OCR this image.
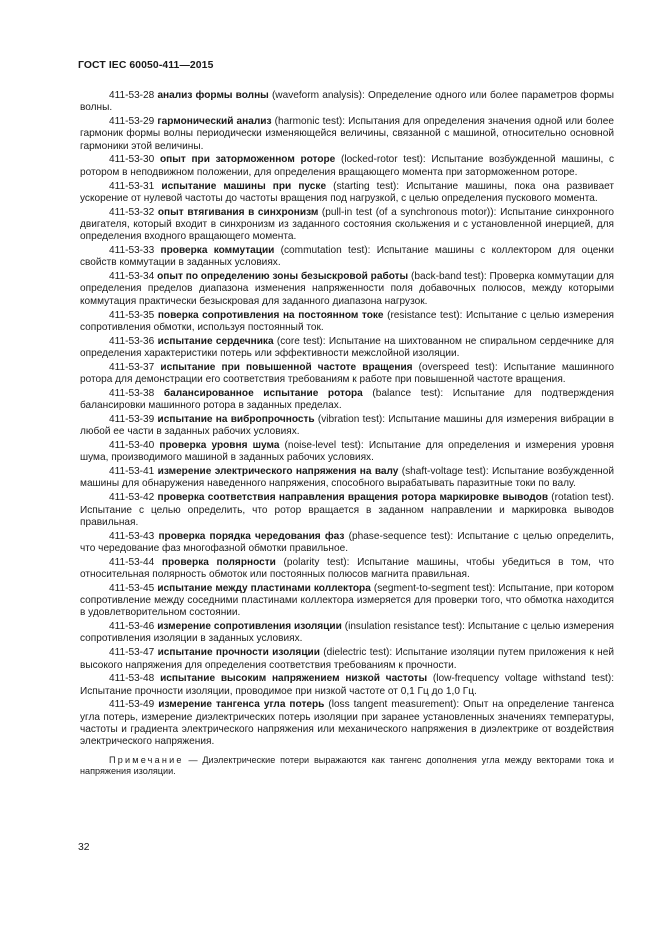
ГОСТ IEC 60050-411—2015

411-53-28 анализ формы волны (waveform analysis): Определение одного или более параметров формы волны.

411-53-29 гармонический анализ (harmonic test): Испытания для определения значения одной или более гармоник формы волны периодически изменяющейся величины, связанной с машиной, относительно основной гармоники этой величины.

411-53-30 опыт при заторможенном роторе (locked-rotor test): Испытание возбужденной машины, с ротором в неподвижном положении, для определения вращающего момента при заторможенном роторе.

411-53-31 испытание машины при пуске (starting test): Испытание машины, пока она развивает ускорение от нулевой частоты до частоты вращения под нагрузкой, с целью определения пускового момента.

411-53-32 опыт втягивания в синхронизм (pull-in test (of a synchronous motor)): Испытание синхронного двигателя, который входит в синхронизм из заданного состояния скольжения и с установленной инерцией, для определения входного вращающего момента.

411-53-33 проверка коммутации (commutation test): Испытание машины с коллектором для оценки свойств коммутации в заданных условиях.

411-53-34 опыт по определению зоны безыскровой работы (back-band test): Проверка коммутации для определения пределов диапазона изменения напряженности поля добавочных полюсов, между которыми коммутация практически безыскровая для заданного диапазона нагрузок.

411-53-35 поверка сопротивления на постоянном токе (resistance test): Испытание с целью измерения сопротивления обмотки, используя постоянный ток.

411-53-36 испытание сердечника (core test): Испытание на шихтованном не спиральном сердечнике для определения характеристики потерь или эффективности межслойной изоляции.

411-53-37 испытание при повышенной частоте вращения (overspeed test): Испытание машинного ротора для демонстрации его соответствия требованиям к работе при повышенной частоте вращения.

411-53-38 балансированное испытание ротора (balance test): Испытание для подтверждения балансировки машинного ротора в заданных пределах.

411-53-39 испытание на вибропрочность (vibration test): Испытание машины для измерения вибрации в любой ее части в заданных рабочих условиях.

411-53-40 проверка уровня шума (noise-level test): Испытание для определения и измерения уровня шума, производимого машиной в заданных рабочих условиях.

411-53-41 измерение электрического напряжения на валу (shaft-voltage test): Испытание возбужденной машины для обнаружения наведенного напряжения, способного вырабатывать паразитные токи по валу.

411-53-42 проверка соответствия направления вращения ротора маркировке выводов (rotation test). Испытание с целью определить, что ротор вращается в заданном направлении и маркировка выводов правильная.

411-53-43 проверка порядка чередования фаз (phase-sequence test): Испытание с целью определить, что чередование фаз многофазной обмотки правильное.

411-53-44 проверка полярности (polarity test): Испытание машины, чтобы убедиться в том, что относительная полярность обмоток или постоянных полюсов магнита правильная.

411-53-45 испытание между пластинами коллектора (segment-to-segment test): Испытание, при котором сопротивление между соседними пластинами коллектора измеряется для проверки того, что обмотка находится в удовлетворительном состоянии.

411-53-46 измерение сопротивления изоляции (insulation resistance test): Испытание с целью измерения сопротивления изоляции в заданных условиях.

411-53-47 испытание прочности изоляции (dielectric test): Испытание изоляции путем приложения к ней высокого напряжения для определения соответствия требованиям к прочности.

411-53-48 испытание высоким напряжением низкой частоты (low-frequency voltage withstand test): Испытание прочности изоляции, проводимое при низкой частоте от 0,1 Гц до 1,0 Гц.

411-53-49 измерение тангенса угла потерь (loss tangent measurement): Опыт на определение тангенса угла потерь, измерение диэлектрических потерь изоляции при заранее установленных значениях температуры, частоты и градиента электрического напряжения или механического напряжения в диэлектрике от воздействия электрического напряжения.

Примечание — Диэлектрические потери выражаются как тангенс дополнения угла между векторами тока и напряжения изоляции.

32
